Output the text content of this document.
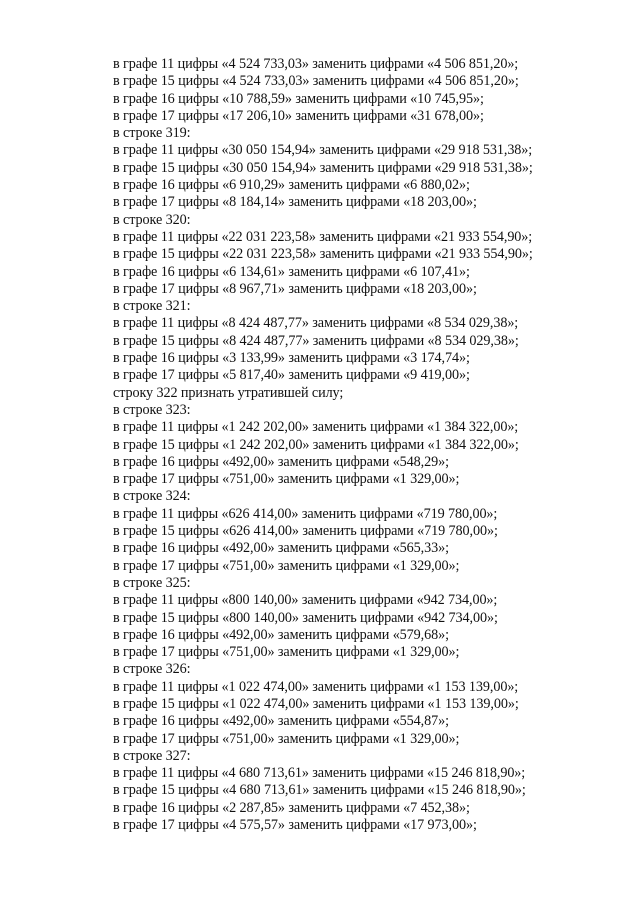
в графе 11 цифры «4 524 733,03» заменить цифрами «4 506 851,20»;
в графе 15 цифры «4 524 733,03» заменить цифрами «4 506 851,20»;
в графе 16 цифры «10 788,59» заменить цифрами «10 745,95»;
в графе 17 цифры «17 206,10» заменить цифрами «31 678,00»;
в строке 319:
в графе 11 цифры «30 050 154,94» заменить цифрами «29 918 531,38»;
в графе 15 цифры «30 050 154,94» заменить цифрами «29 918 531,38»;
в графе 16 цифры «6 910,29» заменить цифрами «6 880,02»;
в графе 17 цифры «8 184,14» заменить цифрами «18 203,00»;
в строке 320:
в графе 11 цифры «22 031 223,58» заменить цифрами «21 933 554,90»;
в графе 15 цифры «22 031 223,58» заменить цифрами «21 933 554,90»;
в графе 16 цифры «6 134,61» заменить цифрами «6 107,41»;
в графе 17 цифры «8 967,71» заменить цифрами «18 203,00»;
в строке 321:
в графе 11 цифры «8 424 487,77» заменить цифрами «8 534 029,38»;
в графе 15 цифры «8 424 487,77» заменить цифрами «8 534 029,38»;
в графе 16 цифры «3 133,99» заменить цифрами «3 174,74»;
в графе 17 цифры «5 817,40» заменить цифрами «9 419,00»;
строку 322 признать утратившей силу;
в строке 323:
в графе 11 цифры «1 242 202,00» заменить цифрами «1 384 322,00»;
в графе 15 цифры «1 242 202,00» заменить цифрами «1 384 322,00»;
в графе 16 цифры «492,00» заменить цифрами «548,29»;
в графе 17 цифры «751,00» заменить цифрами «1 329,00»;
в строке 324:
в графе 11 цифры «626 414,00» заменить цифрами «719 780,00»;
в графе 15 цифры «626 414,00» заменить цифрами «719 780,00»;
в графе 16 цифры «492,00» заменить цифрами «565,33»;
в графе 17 цифры «751,00» заменить цифрами «1 329,00»;
в строке 325:
в графе 11 цифры «800 140,00» заменить цифрами «942 734,00»;
в графе 15 цифры «800 140,00» заменить цифрами «942 734,00»;
в графе 16 цифры «492,00» заменить цифрами «579,68»;
в графе 17 цифры «751,00» заменить цифрами «1 329,00»;
в строке 326:
в графе 11 цифры «1 022 474,00» заменить цифрами «1 153 139,00»;
в графе 15 цифры «1 022 474,00» заменить цифрами «1 153 139,00»;
в графе 16 цифры «492,00» заменить цифрами «554,87»;
в графе 17 цифры «751,00» заменить цифрами «1 329,00»;
в строке 327:
в графе 11 цифры «4 680 713,61» заменить цифрами «15 246 818,90»;
в графе 15 цифры «4 680 713,61» заменить цифрами «15 246 818,90»;
в графе 16 цифры «2 287,85» заменить цифрами «7 452,38»;
в графе 17 цифры «4 575,57» заменить цифрами «17 973,00»;
